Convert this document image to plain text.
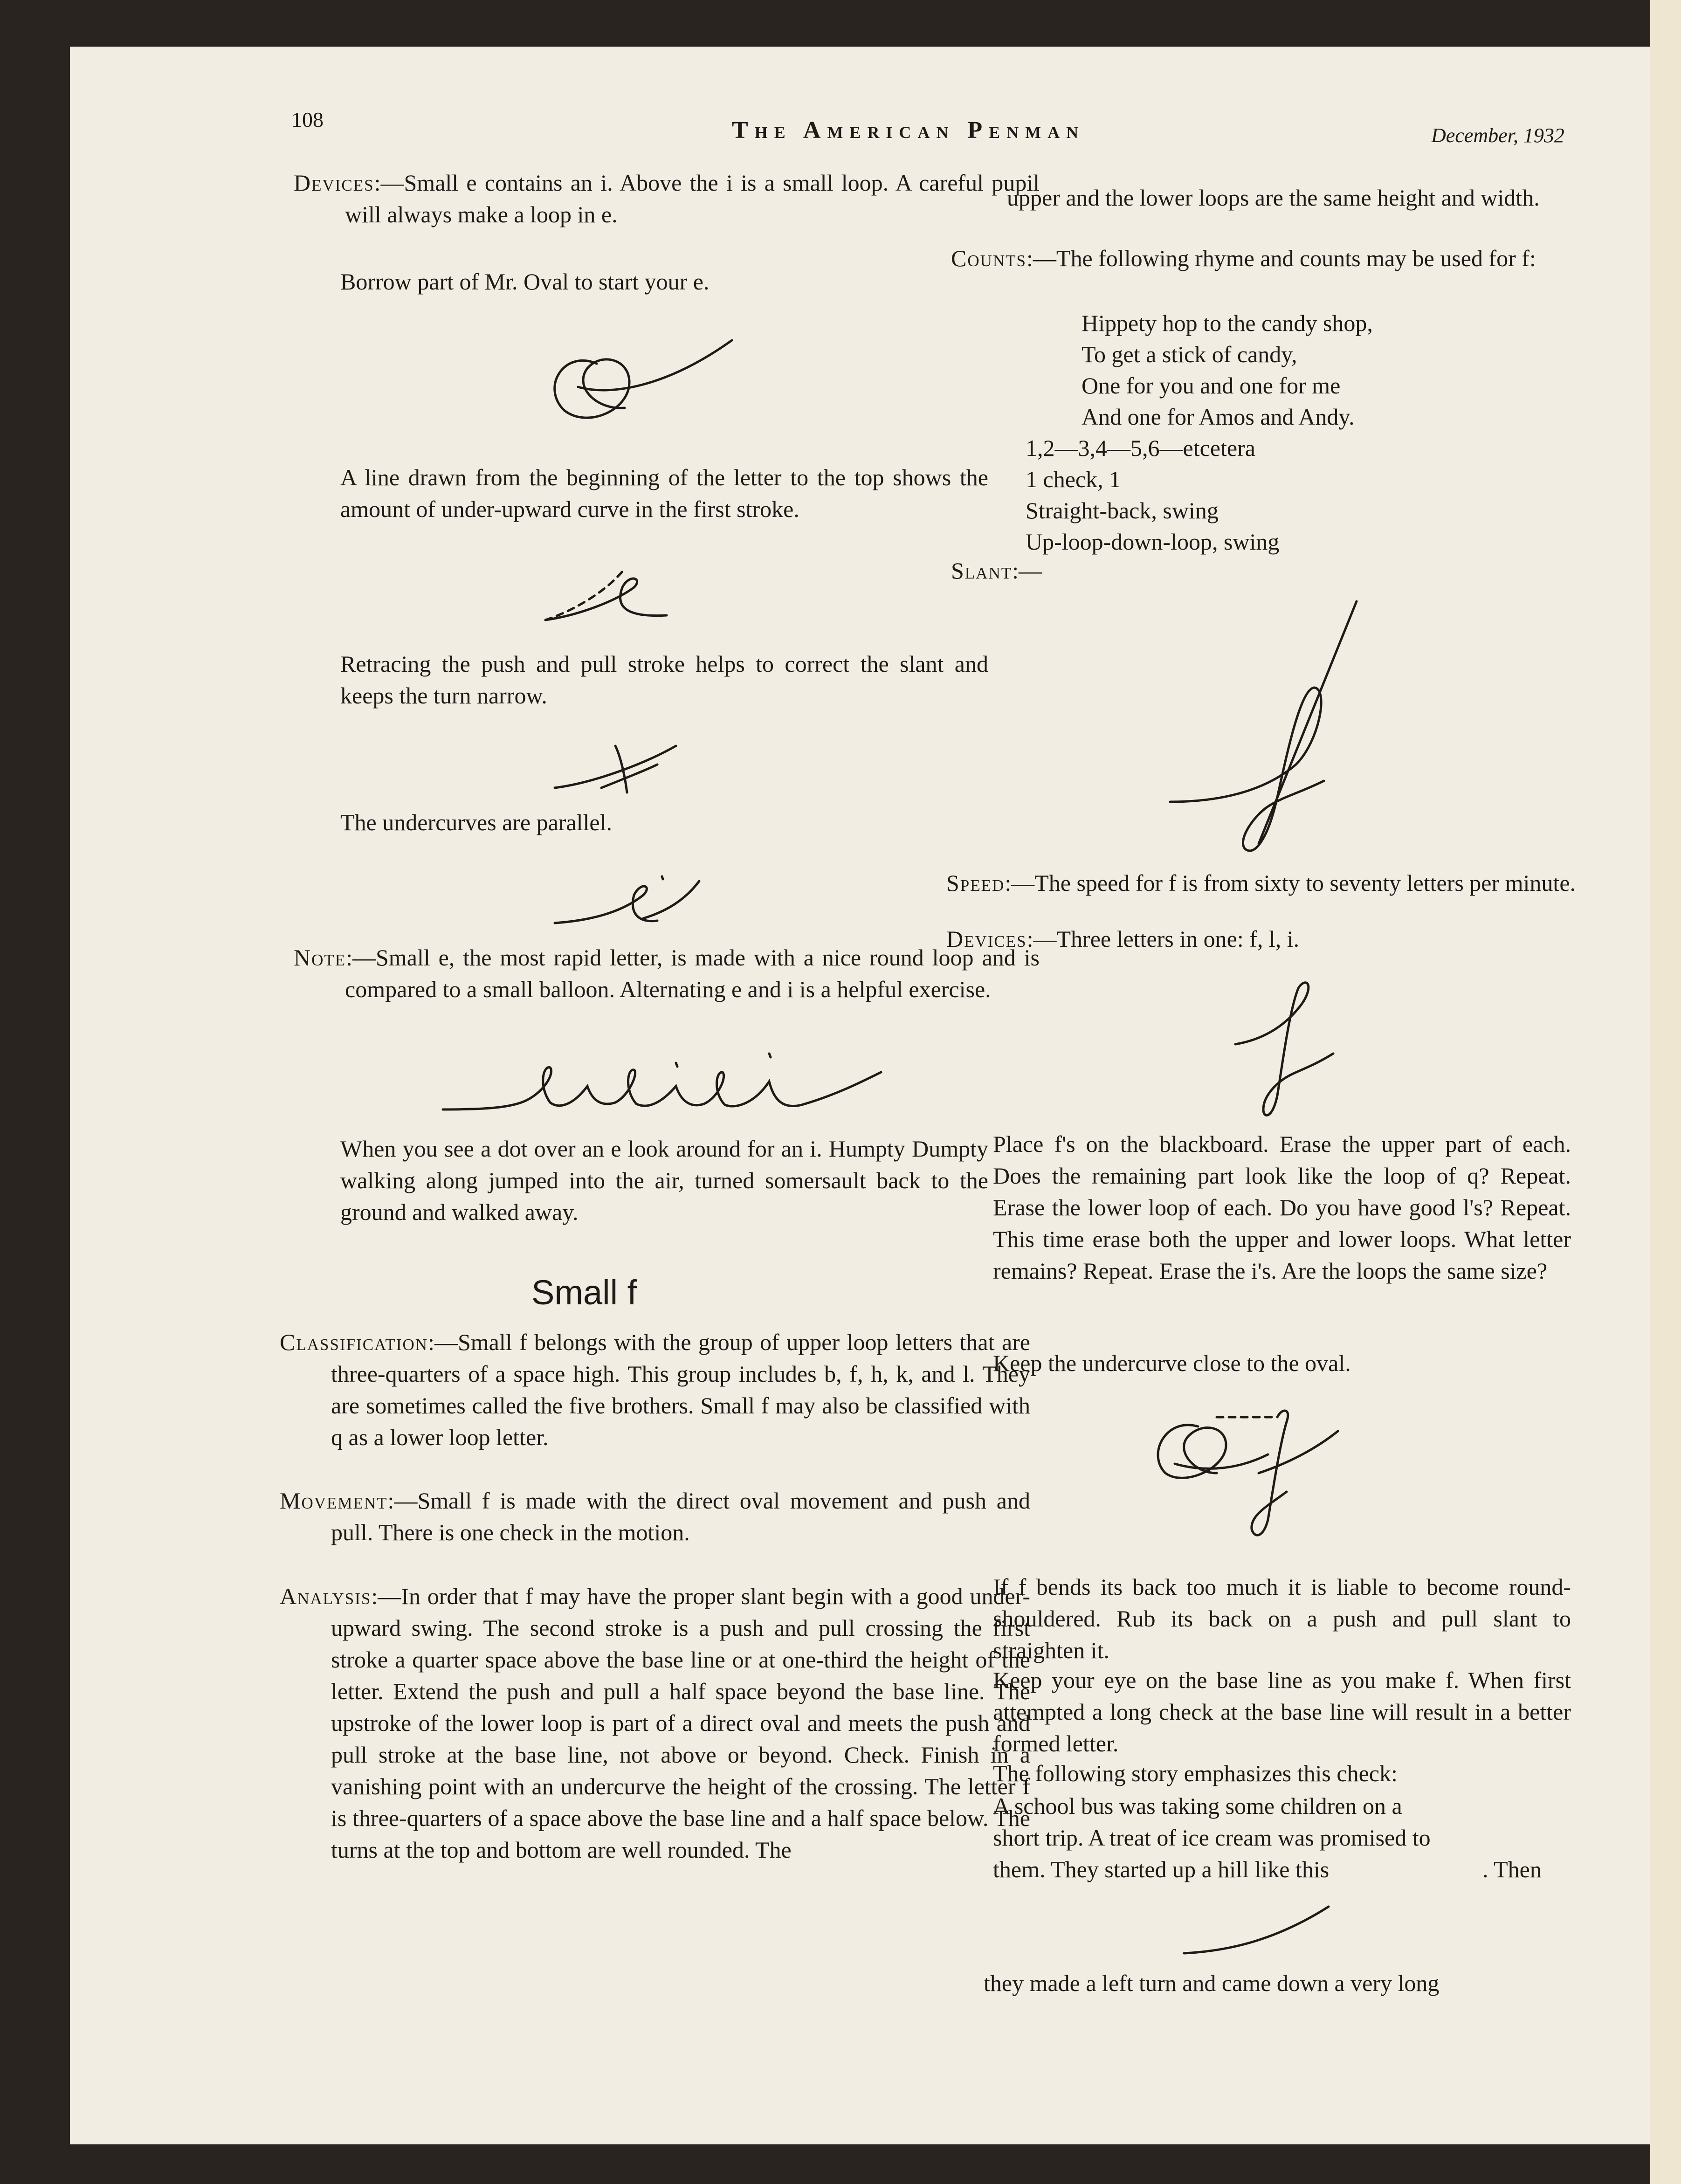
108	The American Penman	December, 1932

Devices:—Small e contains an i. Above the i is a small loop. A careful pupil will always make a loop in e.

Borrow part of Mr. Oval to start your e.

A line drawn from the beginning of the letter to the top shows the amount of under-upward curve in the first stroke.

Retracing the push and pull stroke helps to correct the slant and keeps the turn narrow.

The undercurves are parallel.

Note:—Small e, the most rapid letter, is made with a nice round loop and is compared to a small balloon. Alternating e and i is a helpful exercise.

When you see a dot over an e look around for an i. Humpty Dumpty walking along jumped into the air, turned somersault back to the ground and walked away.

Small f

Classification:—Small f belongs with the group of upper loop letters that are three-quarters of a space high. This group includes b, f, h, k, and l. They are sometimes called the five brothers. Small f may also be classified with q as a lower loop letter.

Movement:—Small f is made with the direct oval movement and push and pull. There is one check in the motion.

Analysis:—In order that f may have the proper slant begin with a good under-upward swing. The second stroke is a push and pull crossing the first stroke a quarter space above the base line or at one-third the height of the letter. Extend the push and pull a half space beyond the base line. The upstroke of the lower loop is part of a direct oval and meets the push and pull stroke at the base line, not above or beyond. Check. Finish in a vanishing point with an undercurve the height of the crossing. The letter f is three-quarters of a space above the base line and a half space below. The turns at the top and bottom are well rounded. The

upper and the lower loops are the same height and width.

Counts:—The following rhyme and counts may be used for f:

Hippety hop to the candy shop,
To get a stick of candy,
One for you and one for me
And one for Amos and Andy.
1,2—3,4—5,6—etcetera
1 check, 1
Straight-back, swing
Up-loop-down-loop, swing

Slant:—

Speed:—The speed for f is from sixty to seventy letters per minute.

Devices:—Three letters in one: f, l, i.

Place f's on the blackboard. Erase the upper part of each. Does the remaining part look like the loop of q? Repeat. Erase the lower loop of each. Do you have good l's? Repeat. This time erase both the upper and lower loops. What letter remains? Repeat. Erase the i's. Are the loops the same size?

Keep the undercurve close to the oval.

If f bends its back too much it is liable to become round-shouldered. Rub its back on a push and pull slant to straighten it.

Keep your eye on the base line as you make f. When first attempted a long check at the base line will result in a better formed letter.

The following story emphasizes this check:

A school bus was taking some children on a short trip. A treat of ice cream was promised to them. They started up a hill like this	. Then

they made a left turn and came down a very long
